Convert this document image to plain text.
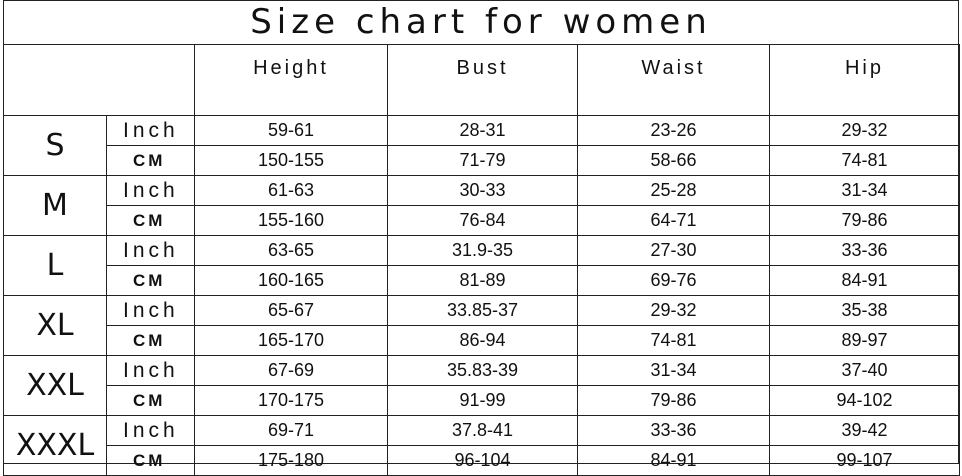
Size chart for women
		Height	Bust	Waist	Hip
S	Inch	59-61	28-31	23-26	29-32
	CM	150-155	71-79	58-66	74-81
M	Inch	61-63	30-33	25-28	31-34
	CM	155-160	76-84	64-71	79-86
L	Inch	63-65	31.9-35	27-30	33-36
	CM	160-165	81-89	69-76	84-91
XL	Inch	65-67	33.85-37	29-32	35-38
	CM	165-170	86-94	74-81	89-97
XXL	Inch	67-69	35.83-39	31-34	37-40
	CM	170-175	91-99	79-86	94-102
XXXL	Inch	69-71	37.8-41	33-36	39-42
	CM	175-180	96-104	84-91	99-107
